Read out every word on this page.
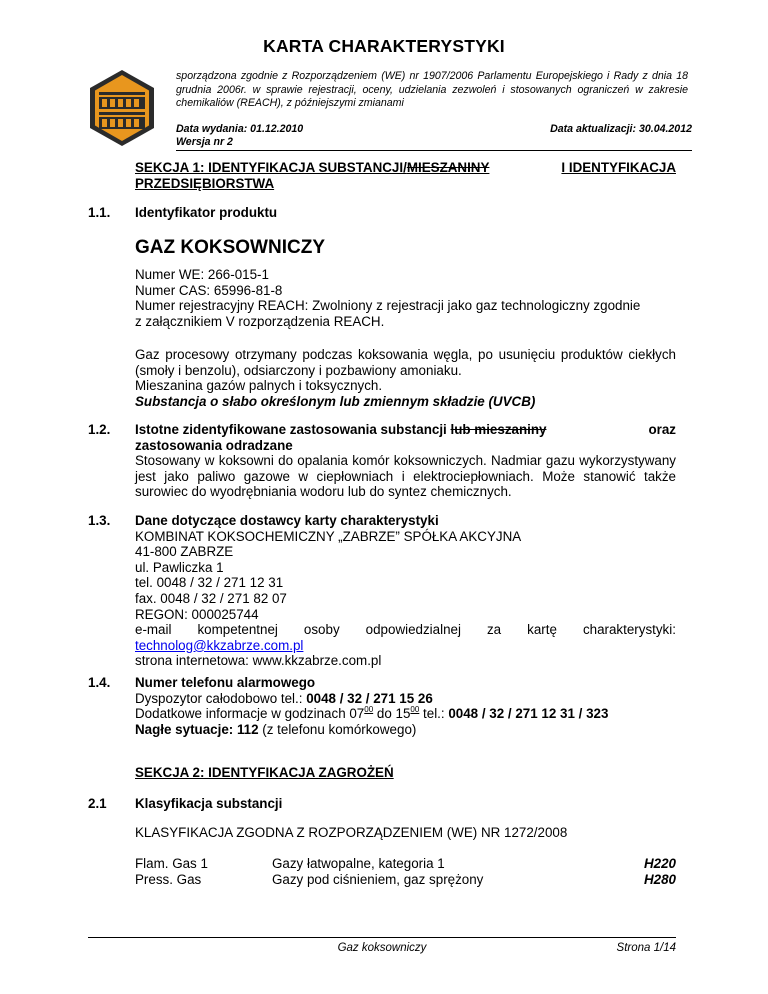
KARTA CHARAKTERYSTYKI
sporządzona zgodnie z Rozporządzeniem (WE) nr 1907/2006 Parlamentu Europejskiego i Rady z dnia 18 grudnia 2006r. w sprawie rejestracji, oceny, udzielania zezwoleń i stosowanych ograniczeń w zakresie chemikaliów (REACH), z późniejszymi zmianami
Data wydania: 01.12.2010
Wersja nr 2
Data aktualizacji: 30.04.2012
SEKCJA 1: IDENTYFIKACJA SUBSTANCJI/MIESZANINY	I IDENTYFIKACJA
PRZEDSIĘBIORSTWA
1.1. Identyfikator produktu
GAZ KOKSOWNICZY
Numer WE: 266-015-1
Numer CAS: 65996-81-8
Numer rejestracyjny REACH: Zwolniony z rejestracji jako gaz technologiczny zgodnie
z załącznikiem V rozporządzenia REACH.
Gaz procesowy otrzymany podczas koksowania węgla, po usunięciu produktów ciekłych (smoły i benzolu), odsiarczony i pozbawiony amoniaku.
Mieszanina gazów palnych i toksycznych.
Substancja o słabo określonym lub zmiennym składzie (UVCB)
1.2. Istotne zidentyfikowane zastosowania substancji lub mieszaniny	oraz
zastosowania odradzane
Stosowany w koksowni do opalania komór koksowniczych. Nadmiar gazu wykorzystywany jest jako paliwo gazowe w ciepłowniach i elektrociepłowniach. Może stanowić także surowiec do wyodrębniania wodoru lub do syntez chemicznych.
1.3. Dane dotyczące dostawcy karty charakterystyki
KOMBINAT KOKSOCHEMICZNY „ZABRZE” SPÓŁKA AKCYJNA
41-800 ZABRZE
ul. Pawliczka 1
tel. 0048 / 32 / 271 12 31
fax. 0048 / 32 / 271 82 07
REGON: 000025744
e-mail kompetentnej osoby odpowiedzialnej za kartę charakterystyki:
technolog@kkzabrze.com.pl
strona internetowa: www.kkzabrze.com.pl
1.4. Numer telefonu alarmowego
Dyspozytor całodobowo tel.: 0048 / 32 / 271 15 26
Dodatkowe informacje w godzinach $07^{00}$ do $15^{00}$ tel.: 0048 / 32 / 271 12 31 / 323
Nagłe sytuacje: 112 (z telefonu komórkowego)
SEKCJA 2: IDENTYFIKACJA ZAGROŻEŃ
2.1 Klasyfikacja substancji
KLASYFIKACJA ZGODNA Z ROZPORZĄDZENIEM (WE) NR 1272/2008
Flam. Gas 1	Gazy łatwopalne, kategoria 1	H220
Press. Gas	Gazy pod ciśnieniem, gaz sprężony	H280
Gaz koksowniczy	Strona 1/14
